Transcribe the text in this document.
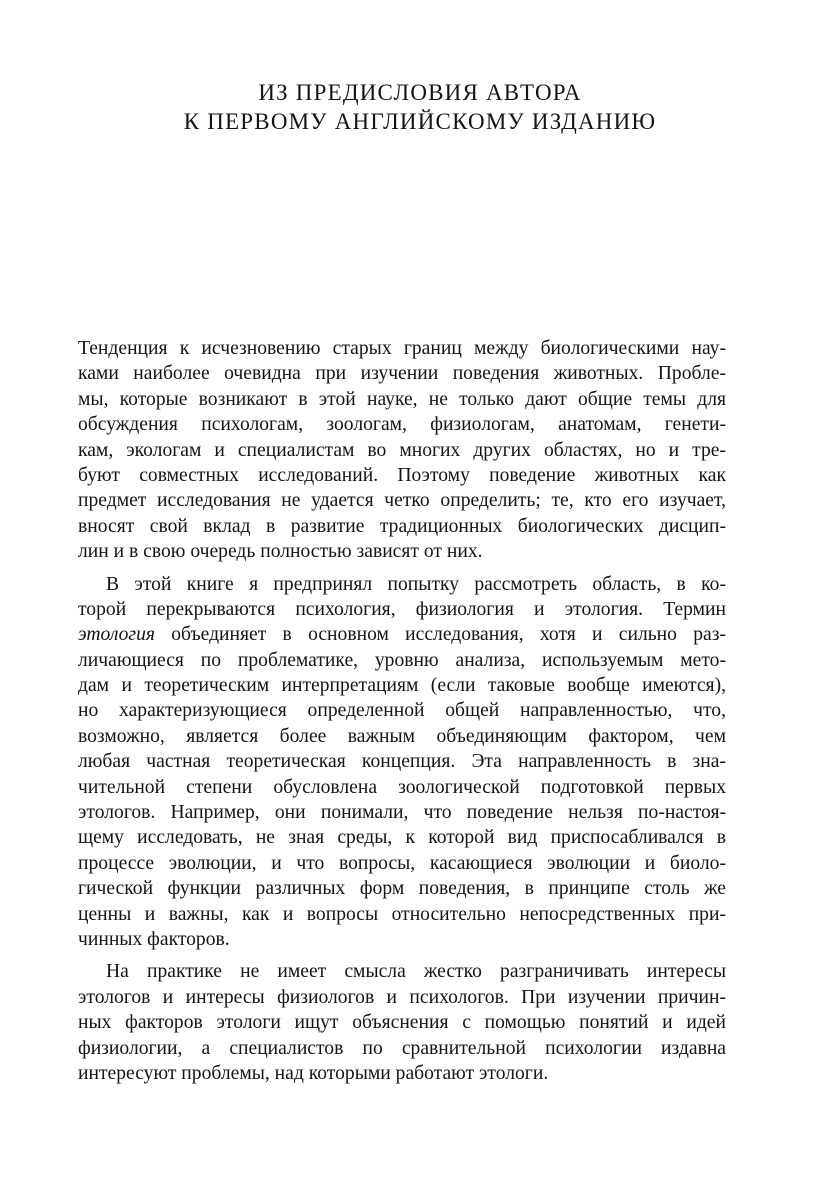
ИЗ ПРЕДИСЛОВИЯ АВТОРА
К ПЕРВОМУ АНГЛИЙСКОМУ ИЗДАНИЮ
Тенденция к исчезновению старых границ между биологическими нау-
ками наиболее очевидна при изучении поведения животных. Пробле-
мы, которые возникают в этой науке, не только дают общие темы для
обсуждения психологам, зоологам, физиологам, анатомам, генети-
кам, экологам и специалистам во многих других областях, но и тре-
буют совместных исследований. Поэтому поведение животных как
предмет исследования не удается четко определить; те, кто его изучает,
вносят свой вклад в развитие традиционных биологических дисцип-
лин и в свою очередь полностью зависят от них.
В этой книге я предпринял попытку рассмотреть область, в ко-
торой перекрываются психология, физиология и этология. Термин
этология объединяет в основном исследования, хотя и сильно раз-
личающиеся по проблематике, уровню анализа, используемым мето-
дам и теоретическим интерпретациям (если таковые вообще имеются),
но характеризующиеся определенной общей направленностью, что,
возможно, является более важным объединяющим фактором, чем
любая частная теоретическая концепция. Эта направленность в зна-
чительной степени обусловлена зоологической подготовкой первых
этологов. Например, они понимали, что поведение нельзя по-настоя-
щему исследовать, не зная среды, к которой вид приспосабливался в
процессе эволюции, и что вопросы, касающиеся эволюции и биоло-
гической функции различных форм поведения, в принципе столь же
ценны и важны, как и вопросы относительно непосредственных при-
чинных факторов.
На практике не имеет смысла жестко разграничивать интересы
этологов и интересы физиологов и психологов. При изучении причин-
ных факторов этологи ищут объяснения с помощью понятий и идей
физиологии, а специалистов по сравнительной психологии издавна
интересуют проблемы, над которыми работают этологи.
